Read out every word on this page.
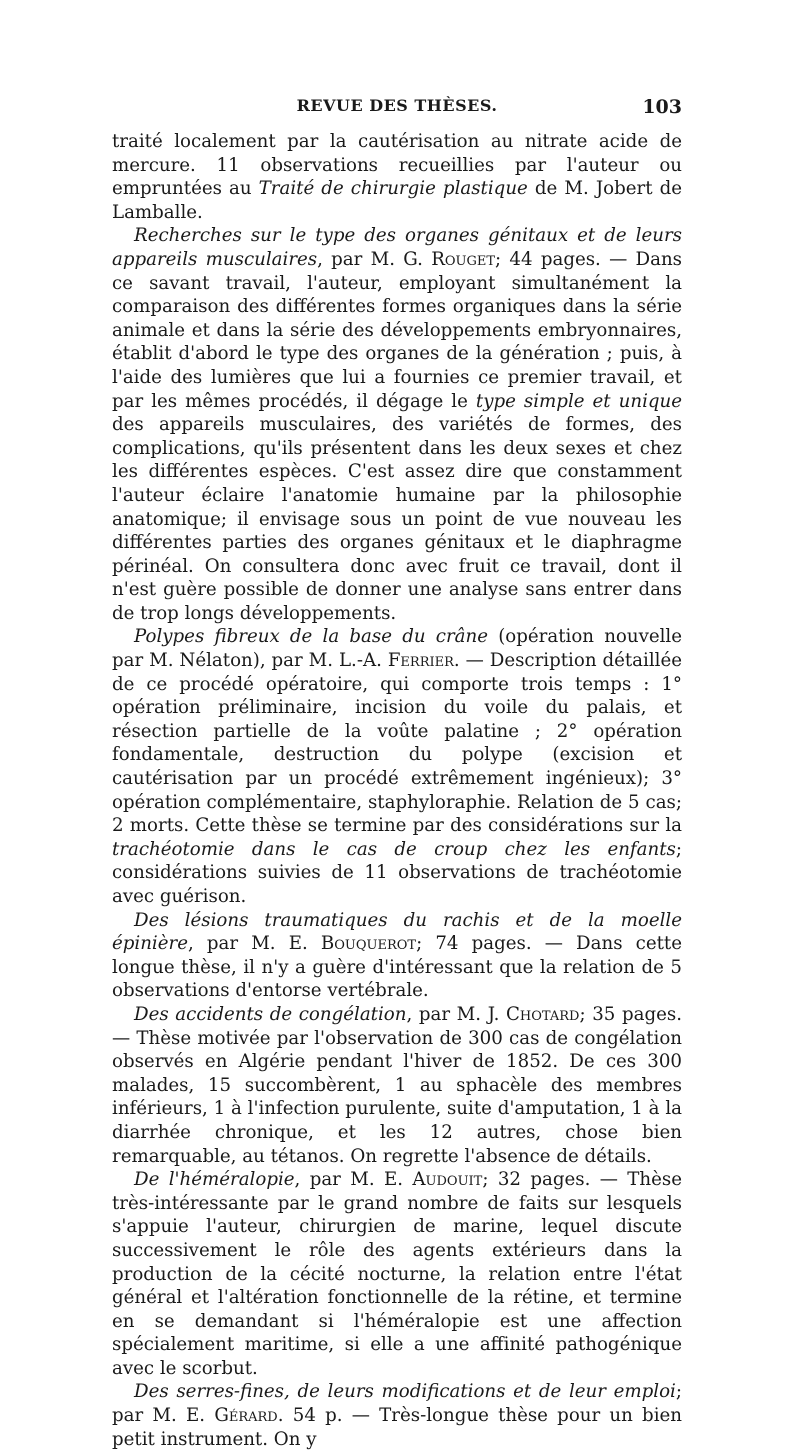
REVUE DES THÈSES.	103

traité localement par la cautérisation au nitrate acide de mercure. 11 observations recueillies par l'auteur ou empruntées au Traité de chirurgie plastique de M. Jobert de Lamballe.

Recherches sur le type des organes génitaux et de leurs appareils musculaires, par M. G. Rouget; 44 pages. — Dans ce savant travail, l'auteur, employant simultanément la comparaison des différentes formes organiques dans la série animale et dans la série des développements embryonnaires, établit d'abord le type des organes de la génération ; puis, à l'aide des lumières que lui a fournies ce premier travail, et par les mêmes procédés, il dégage le type simple et unique des appareils musculaires, des variétés de formes, des complications, qu'ils présentent dans les deux sexes et chez les différentes espèces. C'est assez dire que constamment l'auteur éclaire l'anatomie humaine par la philosophie anatomique; il envisage sous un point de vue nouveau les différentes parties des organes génitaux et le diaphragme périnéal. On consultera donc avec fruit ce travail, dont il n'est guère possible de donner une analyse sans entrer dans de trop longs développements.

Polypes fibreux de la base du crâne (opération nouvelle par M. Nélaton), par M. L.-A. Ferrier. — Description détaillée de ce procédé opératoire, qui comporte trois temps : 1° opération préliminaire, incision du voile du palais, et résection partielle de la voûte palatine ; 2° opération fondamentale, destruction du polype (excision et cautérisation par un procédé extrêmement ingénieux); 3° opération complémentaire, staphyloraphie. Relation de 5 cas; 2 morts. Cette thèse se termine par des considérations sur la trachéotomie dans le cas de croup chez les enfants; considérations suivies de 11 observations de trachéotomie avec guérison.

Des lésions traumatiques du rachis et de la moelle épinière, par M. E. Bouquerot; 74 pages. — Dans cette longue thèse, il n'y a guère d'intéressant que la relation de 5 observations d'entorse vertébrale.

Des accidents de congélation, par M. J. Chotard; 35 pages. — Thèse motivée par l'observation de 300 cas de congélation observés en Algérie pendant l'hiver de 1852. De ces 300 malades, 15 succombèrent, 1 au sphacèle des membres inférieurs, 1 à l'infection purulente, suite d'amputation, 1 à la diarrhée chronique, et les 12 autres, chose bien remarquable, au tétanos. On regrette l'absence de détails.

De l'héméralopie, par M. E. Audouit; 32 pages. — Thèse très-intéressante par le grand nombre de faits sur lesquels s'appuie l'auteur, chirurgien de marine, lequel discute successivement le rôle des agents extérieurs dans la production de la cécité nocturne, la relation entre l'état général et l'altération fonctionnelle de la rétine, et termine en se demandant si l'héméralopie est une affection spécialement maritime, si elle a une affinité pathogénique avec le scorbut.

Des serres-fines, de leurs modifications et de leur emploi; par M. E. Gérard. 54 p. — Très-longue thèse pour un bien petit instrument. On y
